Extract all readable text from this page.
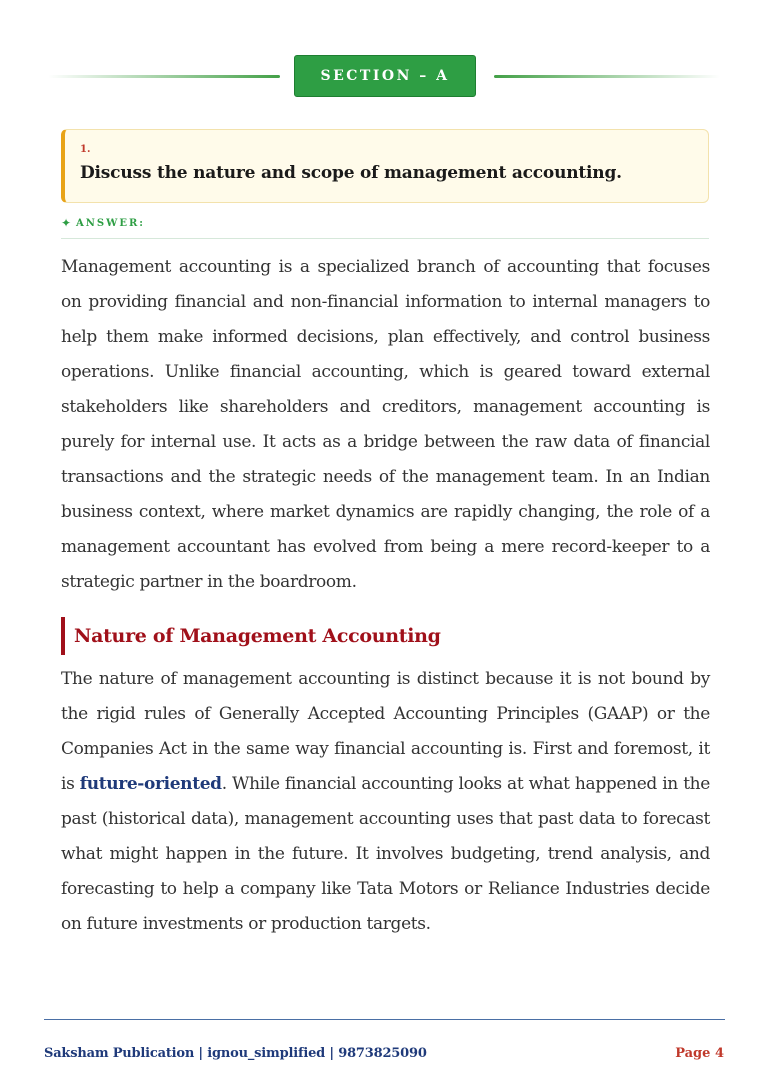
SECTION – A
1.
Discuss the nature and scope of management accounting.
✦ ANSWER:

Management accounting is a specialized branch of accounting that focuses on providing financial and non-financial information to internal managers to help them make informed decisions, plan effectively, and control business operations. Unlike financial accounting, which is geared toward external stakeholders like shareholders and creditors, management accounting is purely for internal use. It acts as a bridge between the raw data of financial transactions and the strategic needs of the management team. In an Indian business context, where market dynamics are rapidly changing, the role of a management accountant has evolved from being a mere record-keeper to a strategic partner in the boardroom.

Nature of Management Accounting

The nature of management accounting is distinct because it is not bound by the rigid rules of Generally Accepted Accounting Principles (GAAP) or the Companies Act in the same way financial accounting is. First and foremost, it is future-oriented. While financial accounting looks at what happened in the past (historical data), management accounting uses that past data to forecast what might happen in the future. It involves budgeting, trend analysis, and forecasting to help a company like Tata Motors or Reliance Industries decide on future investments or production targets.

Saksham Publication | ignou_simplified | 9873825090	Page 4
